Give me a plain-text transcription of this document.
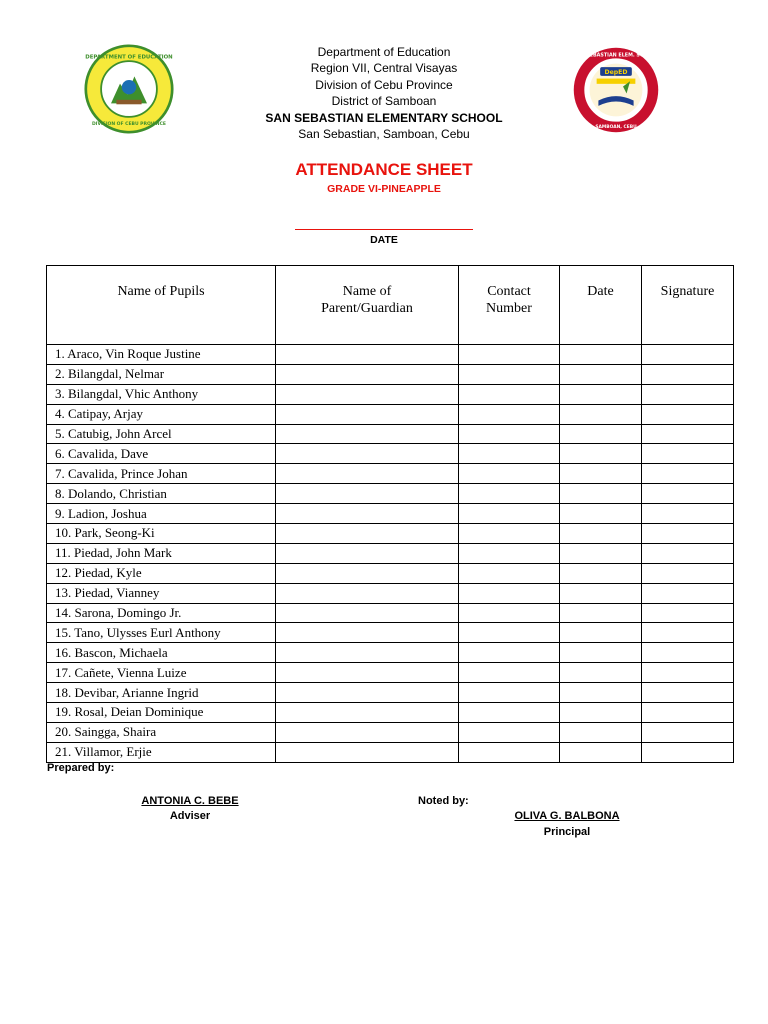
DEPARTMENT OF EDUCATION
DIVISION OF CEBU PROVINCE
DepED
SAN SEBASTIAN ELEM. SCHOOL
SAMBOAN, CEBU
Department of Education
Region VII, Central Visayas
Division of Cebu Province
District of Samboan
SAN SEBASTIAN ELEMENTARY SCHOOL
San Sebastian, Samboan, Cebu
ATTENDANCE SHEET
GRADE VI-PINEAPPLE
DATE
Name of Pupils	Name of Parent/Guardian	Contact Number	Date	Signature
1. Araco, Vin Roque Justine				
2. Bilangdal, Nelmar				
3. Bilangdal, Vhic Anthony				
4. Catipay, Arjay				
5. Catubig, John Arcel				
6. Cavalida, Dave				
7. Cavalida, Prince Johan				
8. Dolando, Christian				
9. Ladion, Joshua				
10. Park, Seong-Ki				
11. Piedad, John Mark				
12. Piedad, Kyle				
13. Piedad, Vianney				
14. Sarona, Domingo Jr.				
15. Tano, Ulysses Eurl Anthony				
16. Bascon, Michaela				
17. Cañete, Vienna Luize				
18. Devibar, Arianne Ingrid				
19. Rosal, Deian Dominique				
20. Saingga, Shaira				
21. Villamor, Erjie				
Prepared by:
ANTONIA C. BEBE
Adviser
Noted by:
OLIVA G. BALBONA
Principal
